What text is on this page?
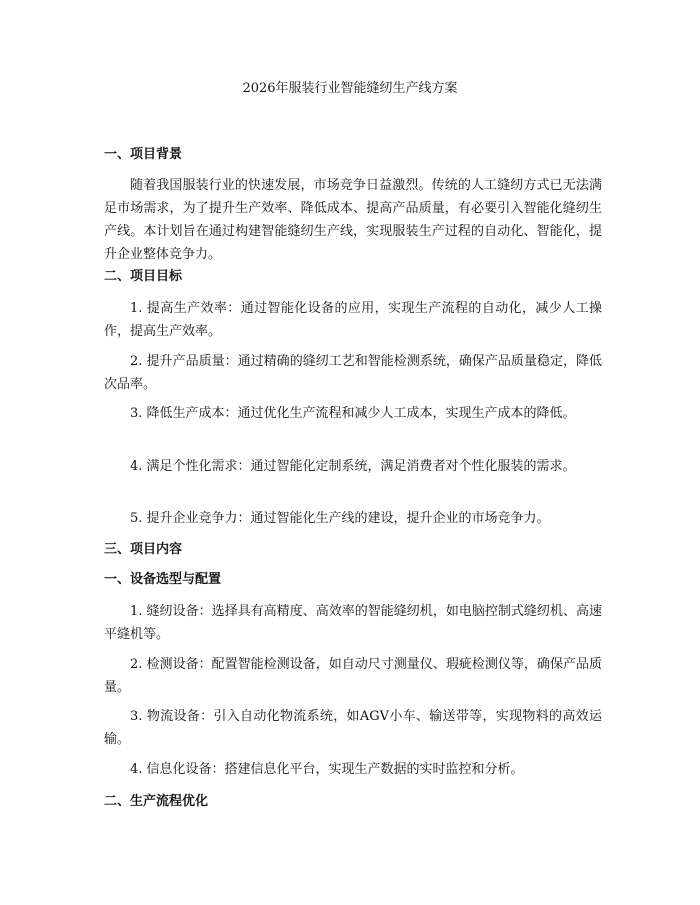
2026年服装行业智能缝纫生产线方案
一、项目背景
随着我国服装行业的快速发展，市场竞争日益激烈。传统的人工缝纫方式已无法满足市场需求，为了提升生产效率、降低成本、提高产品质量，有必要引入智能化缝纫生产线。本计划旨在通过构建智能缝纫生产线，实现服装生产过程的自动化、智能化，提升企业整体竞争力。
二、项目目标
1. 提高生产效率：通过智能化设备的应用，实现生产流程的自动化，减少人工操作，提高生产效率。
2. 提升产品质量：通过精确的缝纫工艺和智能检测系统，确保产品质量稳定，降低次品率。
3. 降低生产成本：通过优化生产流程和减少人工成本，实现生产成本的降低。
4. 满足个性化需求：通过智能化定制系统，满足消费者对个性化服装的需求。
5. 提升企业竞争力：通过智能化生产线的建设，提升企业的市场竞争力。
三、项目内容
一、设备选型与配置
1. 缝纫设备：选择具有高精度、高效率的智能缝纫机，如电脑控制式缝纫机、高速平缝机等。
2. 检测设备：配置智能检测设备，如自动尺寸测量仪、瑕疵检测仪等，确保产品质量。
3. 物流设备：引入自动化物流系统，如AGV小车、输送带等，实现物料的高效运输。
4. 信息化设备：搭建信息化平台，实现生产数据的实时监控和分析。
二、生产流程优化
